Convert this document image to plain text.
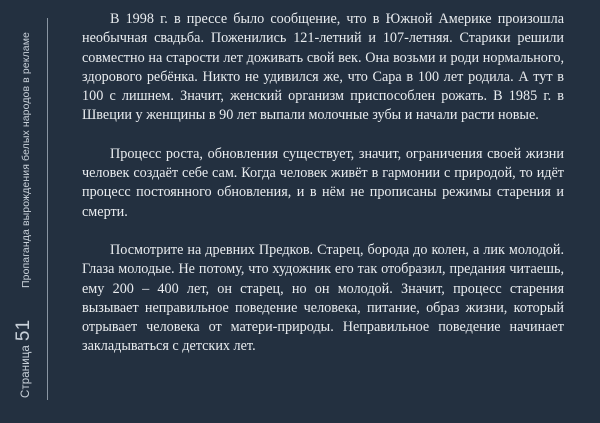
Страница
51
Пропаганда вырождения белых народов в рекламе

В 1998 г. в прессе было сообщение, что в Южной Америке произошла необычная свадьба. Поженились 121-летний и 107-летняя. Старики решили совместно на старости лет доживать свой век. Она возьми и роди нормального, здорового ребёнка. Никто не удивился же, что Сара в 100 лет родила. А тут в 100 с лишнем. Значит, женский организм приспособлен рожать. В 1985 г. в Швеции у женщины в 90 лет выпали молочные зубы и начали расти новые.

Процесс роста, обновления существует, значит, ограничения своей жизни человек создаёт себе сам. Когда человек живёт в гармонии с природой, то идёт процесс постоянного обновления, и в нём не прописаны режимы старения и смерти.

Посмотрите на древних Предков. Старец, борода до колен, а лик молодой. Глаза молодые. Не потому, что художник его так отобразил, предания читаешь, ему 200 – 400 лет, он старец, но он молодой. Значит, процесс старения вызывает неправильное поведение человека, питание, образ жизни, который отрывает человека от матери-природы. Неправильное поведение начинает закладываться с детских лет.
